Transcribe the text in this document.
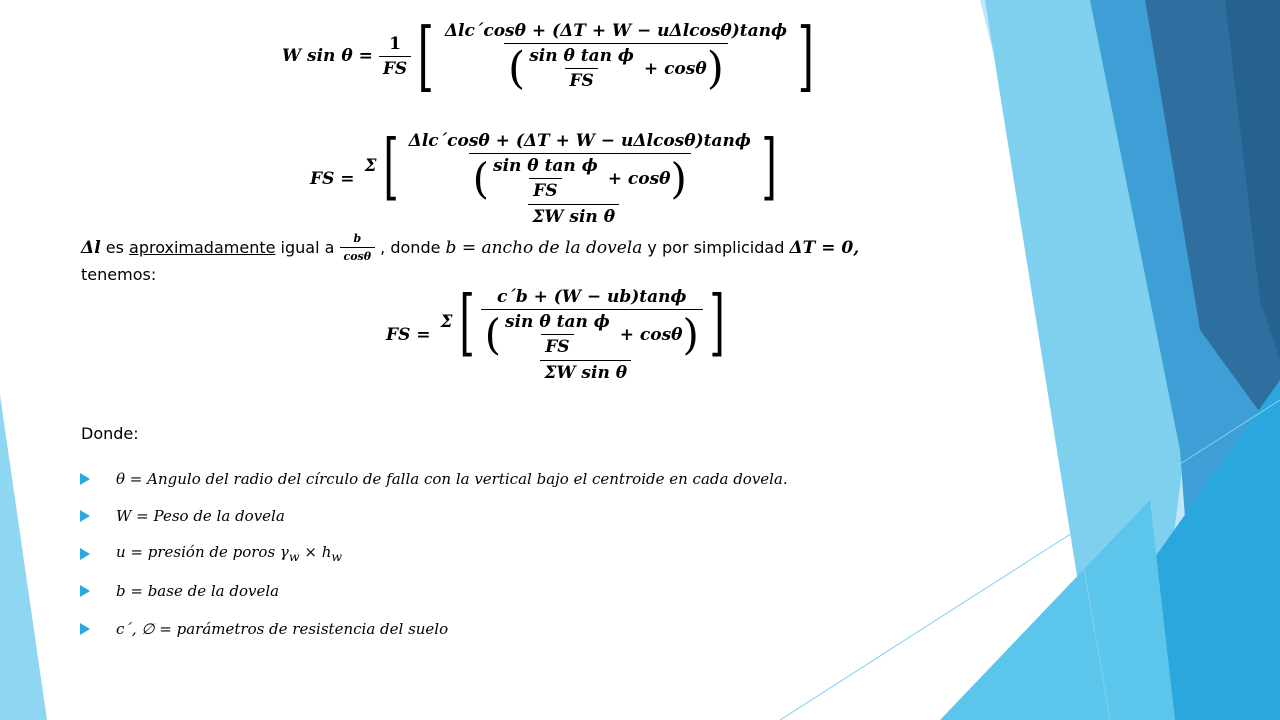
W $\sin \theta = \frac{1}{FS}$ [ Δlc´cosθ + (ΔT + W − uΔlcosθ)tanϕ
( $\frac{\text{sin θ tan ϕ}}{FS} + \cos\theta$ ) ]
FS =
Σ [ Δlc´cosθ + (ΔT + W − uΔlcosθ)tanϕ
( $\frac{\text{sin θ tan ϕ}}{FS} + \cos\theta$ ) ]
ΣW sin θ
Δl es aproximadamente igual a $\frac{b}{\cos\theta}$ , donde b = ancho de la dovela y por simplicidad ΔT = 0,
tenemos:
FS =
Σ [ c´b + (W − ub)tanϕ
( $\frac{\text{sin θ tan ϕ}}{FS} + \cos\theta$ ) ]
ΣW sin θ
Donde:
θ = Angulo del radio del círculo de falla con la vertical bajo el centroide en cada dovela.
W = Peso de la dovela
u = presión de poros $\gamma_w \times h_w$
b = base de la dovela
c´, ∅ = parámetros de resistencia del suelo
